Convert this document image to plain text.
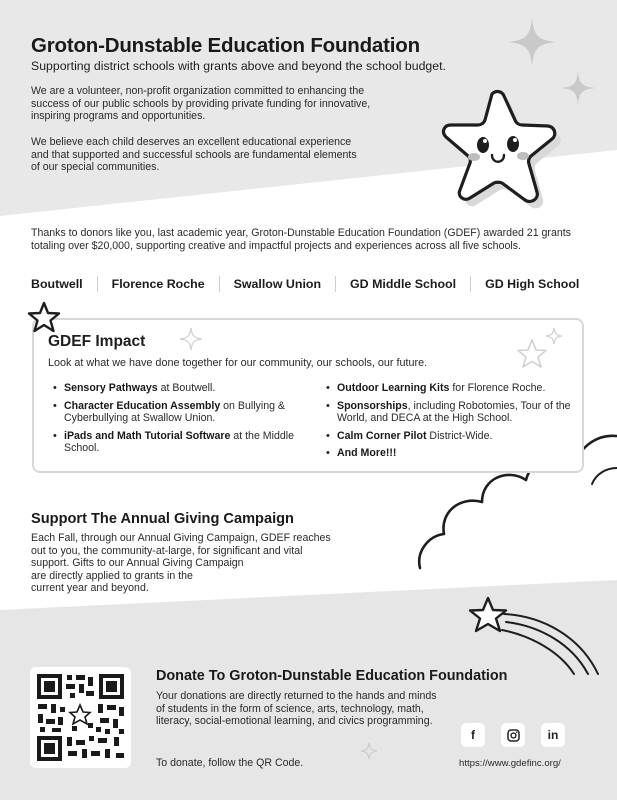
Groton-Dunstable Education Foundation
Supporting district schools with grants above and beyond the school budget.
We are a volunteer, non-profit organization committed to enhancing the success of our public schools by providing private funding for innovative, inspiring programs and opportunities.
We believe each child deserves an excellent educational experience and that supported and successful schools are fundamental elements of our special communities.
Thanks to donors like you, last academic year, Groton-Dunstable Education Foundation (GDEF) awarded 21 grants totaling over $20,000, supporting creative and impactful projects and experiences across all five schools.
Boutwell Florence Roche Swallow Union GD Middle School GD High School
GDEF Impact
Look at what we have done together for our community, our schools, our future.
• Sensory Pathways at Boutwell.
• Character Education Assembly on Bullying & Cyberbullying at Swallow Union.
• iPads and Math Tutorial Software at the Middle School.
• Outdoor Learning Kits for Florence Roche.
• Sponsorships, including Robotomies, Tour of the World, and DECA at the High School.
• Calm Corner Pilot District-Wide.
• And More!!!
Support The Annual Giving Campaign
Each Fall, through our Annual Giving Campaign, GDEF reaches
out to you, the community-at-large, for significant and vital
support. Gifts to our Annual Giving Campaign
are directly applied to grants in the
current year and beyond.
Donate To Groton-Dunstable Education Foundation
Your donations are directly returned to the hands and minds of students in the form of science, arts, technology, math, literacy, social-emotional learning, and civics programming.
To donate, follow the QR Code.
f	in
https://www.gdefinc.org/
